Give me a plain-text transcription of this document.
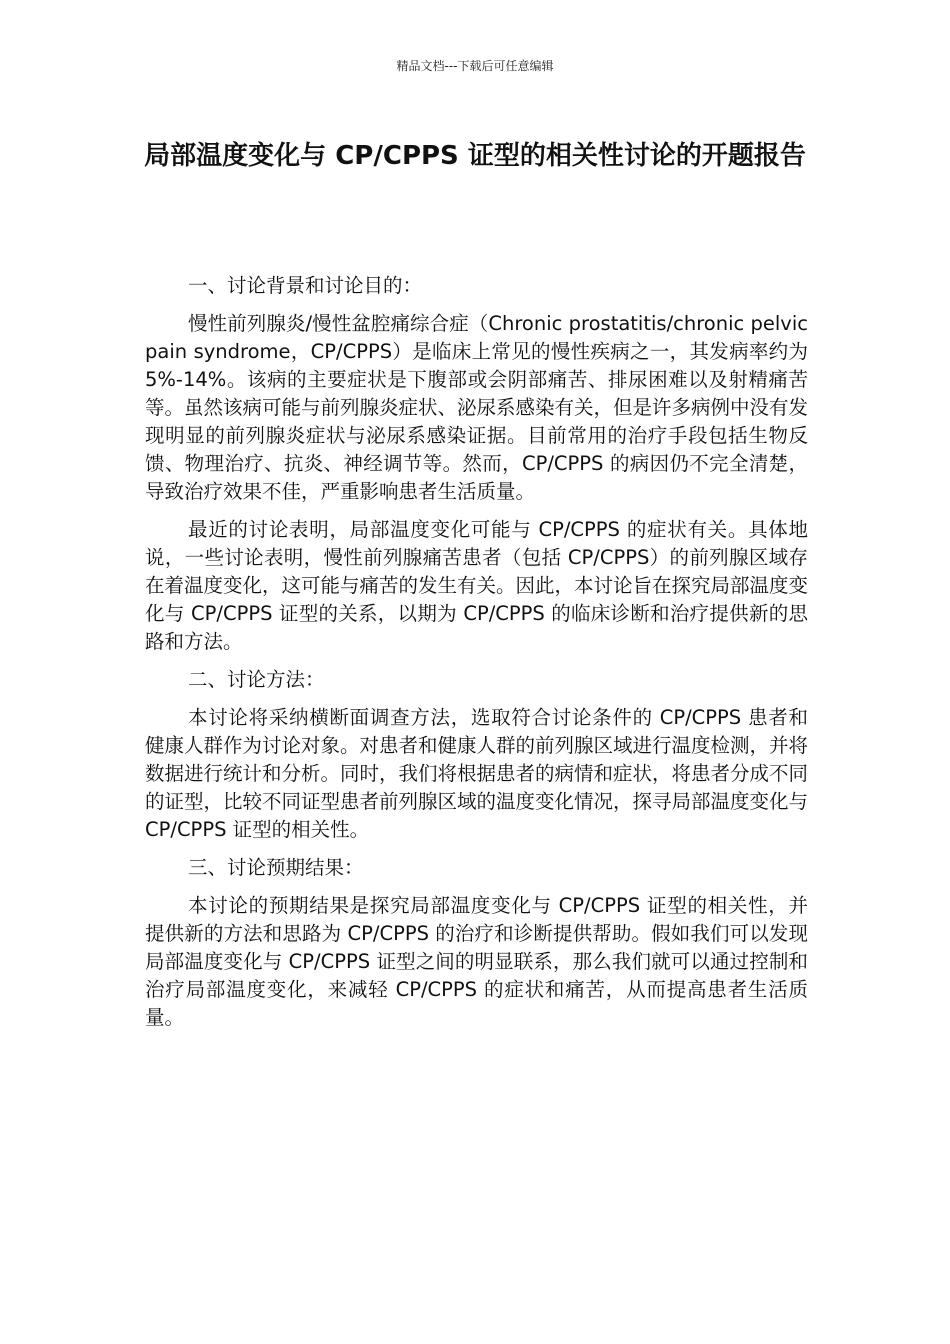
精品文档---下载后可任意编辑
局部温度变化与 CP/CPPS 证型的相关性讨论的开题报告

一、讨论背景和讨论目的：

慢性前列腺炎/慢性盆腔痛综合症（Chronic prostatitis/chronic pelvic pain syndrome，CP/CPPS）是临床上常见的慢性疾病之一，其发病率约为 5%-14%。该病的主要症状是下腹部或会阴部痛苦、排尿困难以及射精痛苦等。虽然该病可能与前列腺炎症状、泌尿系感染有关，但是许多病例中没有发现明显的前列腺炎症状与泌尿系感染证据。目前常用的治疗手段包括生物反馈、物理治疗、抗炎、神经调节等。然而，CP/CPPS 的病因仍不完全清楚，导致治疗效果不佳，严重影响患者生活质量。

最近的讨论表明，局部温度变化可能与 CP/CPPS 的症状有关。具体地说，一些讨论表明，慢性前列腺痛苦患者（包括 CP/CPPS）的前列腺区域存在着温度变化，这可能与痛苦的发生有关。因此，本讨论旨在探究局部温度变化与 CP/CPPS 证型的关系，以期为 CP/CPPS 的临床诊断和治疗提供新的思路和方法。

二、讨论方法：

本讨论将采纳横断面调查方法，选取符合讨论条件的 CP/CPPS 患者和健康人群作为讨论对象。对患者和健康人群的前列腺区域进行温度检测，并将数据进行统计和分析。同时，我们将根据患者的病情和症状，将患者分成不同的证型，比较不同证型患者前列腺区域的温度变化情况，探寻局部温度变化与 CP/CPPS 证型的相关性。

三、讨论预期结果：

本讨论的预期结果是探究局部温度变化与 CP/CPPS 证型的相关性，并提供新的方法和思路为 CP/CPPS 的治疗和诊断提供帮助。假如我们可以发现局部温度变化与 CP/CPPS 证型之间的明显联系，那么我们就可以通过控制和治疗局部温度变化，来减轻 CP/CPPS 的症状和痛苦，从而提高患者生活质量。
